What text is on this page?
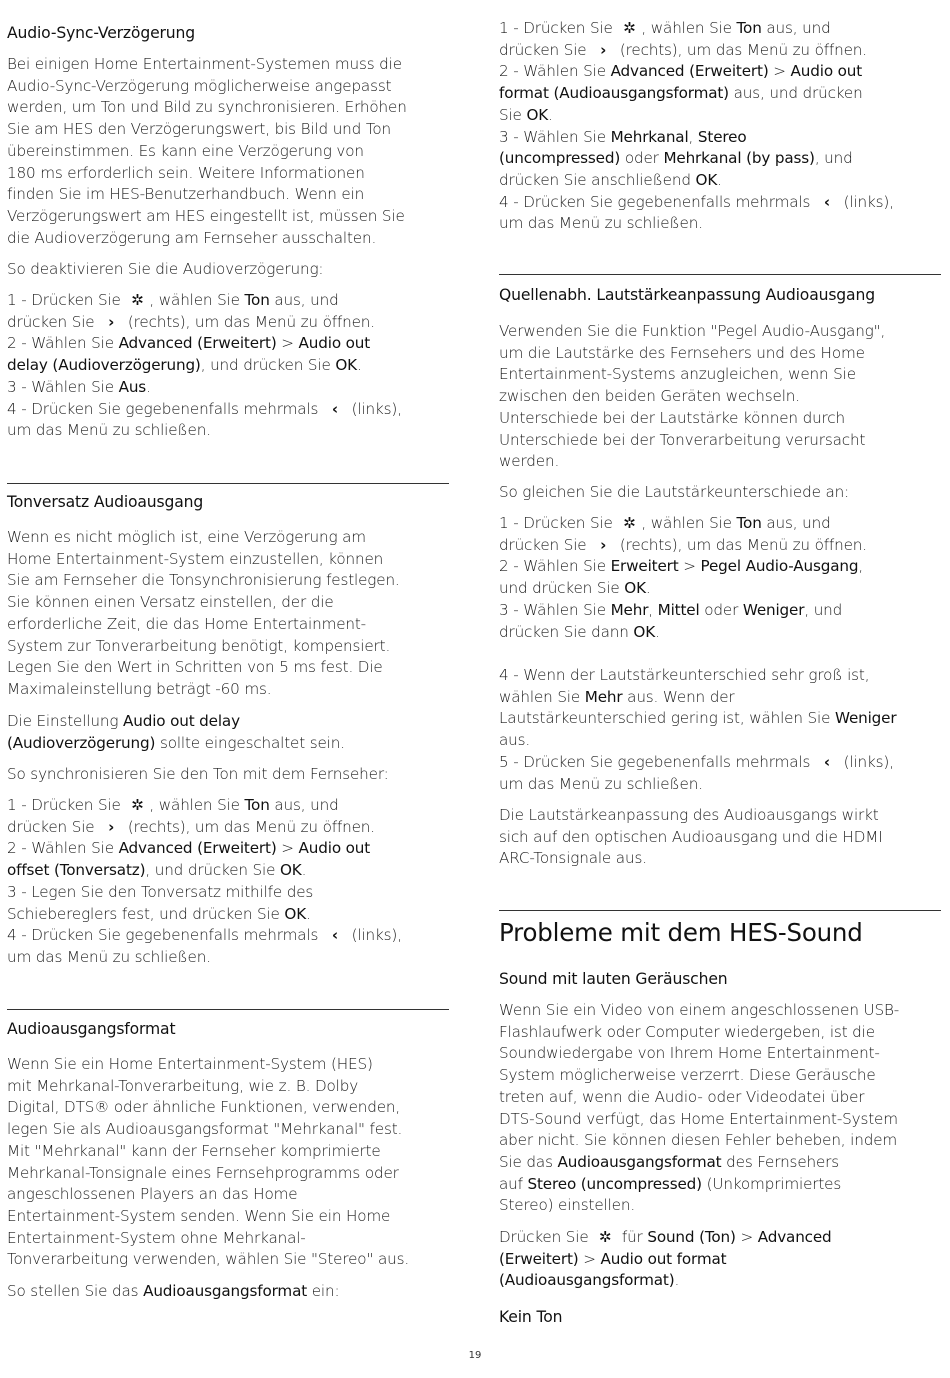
Audio-Sync-Verzögerung

Bei einigen Home Entertainment-Systemen muss die

Audio-Sync-Verzögerung möglicherweise angepasst

werden, um Ton und Bild zu synchronisieren. Erhöhen

Sie am HES den Verzögerungswert, bis Bild und Ton

übereinstimmen. Es kann eine Verzögerung von

180 ms erforderlich sein. Weitere Informationen

finden Sie im HES-Benutzerhandbuch. Wenn ein

Verzögerungswert am HES eingestellt ist, müssen Sie

die Audioverzögerung am Fernseher ausschalten.

So deaktivieren Sie die Audioverzögerung:

1 - Drücken Sie ✲ , wählen Sie Ton aus, und

drücken Sie › (rechts), um das Menü zu öffnen.

2 - Wählen Sie Advanced (Erweitert) > Audio out

delay (Audioverzögerung), und drücken Sie OK.

3 - Wählen Sie Aus.

4 - Drücken Sie gegebenenfalls mehrmals ‹ (links),

um das Menü zu schließen.

Tonversatz Audioausgang

Wenn es nicht möglich ist, eine Verzögerung am

Home Entertainment-System einzustellen, können

Sie am Fernseher die Tonsynchronisierung festlegen.

Sie können einen Versatz einstellen, der die

erforderliche Zeit, die das Home Entertainment-

System zur Tonverarbeitung benötigt, kompensiert.

Legen Sie den Wert in Schritten von 5 ms fest. Die

Maximaleinstellung beträgt -60 ms.

Die Einstellung Audio out delay

(Audioverzögerung) sollte eingeschaltet sein.

So synchronisieren Sie den Ton mit dem Fernseher:

1 - Drücken Sie ✲ , wählen Sie Ton aus, und

drücken Sie › (rechts), um das Menü zu öffnen.

2 - Wählen Sie Advanced (Erweitert) > Audio out

offset (Tonversatz), und drücken Sie OK.

3 - Legen Sie den Tonversatz mithilfe des

Schiebereglers fest, und drücken Sie OK.

4 - Drücken Sie gegebenenfalls mehrmals ‹ (links),

um das Menü zu schließen.

Audioausgangsformat

Wenn Sie ein Home Entertainment-System (HES)

mit Mehrkanal-Tonverarbeitung, wie z. B. Dolby

Digital, DTS® oder ähnliche Funktionen, verwenden,

legen Sie als Audioausgangsformat "Mehrkanal" fest.

Mit "Mehrkanal" kann der Fernseher komprimierte

Mehrkanal-Tonsignale eines Fernsehprogramms oder

angeschlossenen Players an das Home

Entertainment-System senden. Wenn Sie ein Home

Entertainment-System ohne Mehrkanal-

Tonverarbeitung verwenden, wählen Sie "Stereo" aus.

So stellen Sie das Audioausgangsformat ein:

1 - Drücken Sie ✲ , wählen Sie Ton aus, und

drücken Sie › (rechts), um das Menü zu öffnen.

2 - Wählen Sie Advanced (Erweitert) > Audio out

format (Audioausgangsformat) aus, und drücken

Sie OK.

3 - Wählen Sie Mehrkanal, Stereo

(uncompressed) oder Mehrkanal (by pass), und

drücken Sie anschließend OK.

4 - Drücken Sie gegebenenfalls mehrmals ‹ (links),

um das Menü zu schließen.

Quellenabh. Lautstärkeanpassung Audioausgang

Verwenden Sie die Funktion "Pegel Audio-Ausgang",

um die Lautstärke des Fernsehers und des Home

Entertainment-Systems anzugleichen, wenn Sie

zwischen den beiden Geräten wechseln.

Unterschiede bei der Lautstärke können durch

Unterschiede bei der Tonverarbeitung verursacht

werden.

So gleichen Sie die Lautstärkeunterschiede an:

1 - Drücken Sie ✲ , wählen Sie Ton aus, und

drücken Sie › (rechts), um das Menü zu öffnen.

2 - Wählen Sie Erweitert > Pegel Audio-Ausgang,

und drücken Sie OK.

3 - Wählen Sie Mehr, Mittel oder Weniger, und

drücken Sie dann OK.

4 - Wenn der Lautstärkeunterschied sehr groß ist,

wählen Sie Mehr aus. Wenn der

Lautstärkeunterschied gering ist, wählen Sie Weniger

aus.

5 - Drücken Sie gegebenenfalls mehrmals ‹ (links),

um das Menü zu schließen.

Die Lautstärkeanpassung des Audioausgangs wirkt

sich auf den optischen Audioausgang und die HDMI

ARC-Tonsignale aus.

Probleme mit dem HES-Sound

Sound mit lauten Geräuschen

Wenn Sie ein Video von einem angeschlossenen USB-

Flashlaufwerk oder Computer wiedergeben, ist die

Soundwiedergabe von Ihrem Home Entertainment-

System möglicherweise verzerrt. Diese Geräusche

treten auf, wenn die Audio- oder Videodatei über

DTS-Sound verfügt, das Home Entertainment-System

aber nicht. Sie können diesen Fehler beheben, indem

Sie das Audioausgangsformat des Fernsehers

auf Stereo (uncompressed) (Unkomprimiertes

Stereo) einstellen.

Drücken Sie ✲ für Sound (Ton) > Advanced

(Erweitert) > Audio out format

(Audioausgangsformat).

Kein Ton

19
